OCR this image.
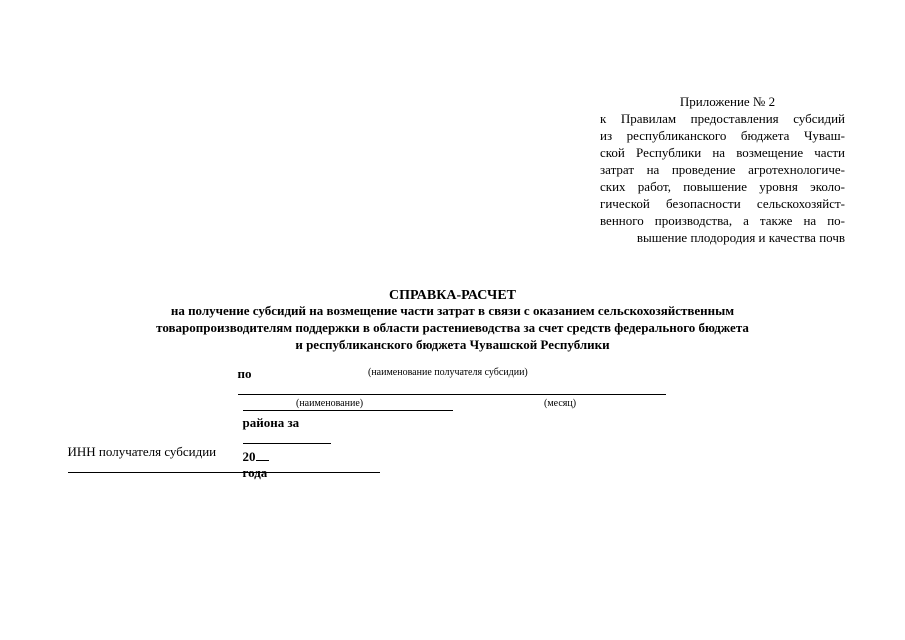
Приложение № 2

к Правилам предоставления субсидий

из республиканского бюджета Чуваш-

ской Республики на возмещение части

затрат на проведение агротехнологиче-

ских работ, повышение уровня эколо-

гической безопасности сельскохозяйст-

венного производства, а также на по-

вышение плодородия и качества почв

СПРАВКА-РАСЧЕТ
на получение субсидий на возмещение части затрат в связи с оказанием сельскохозяйственным
товаропроизводителям поддержки в области растениеводства за счет средств федерального бюджета
и республиканского бюджета Чувашской Республики

по
	(наименование получателя субсидии)

района за

20
года

(наименование)	(месяц)

ИНН получателя субсидии
